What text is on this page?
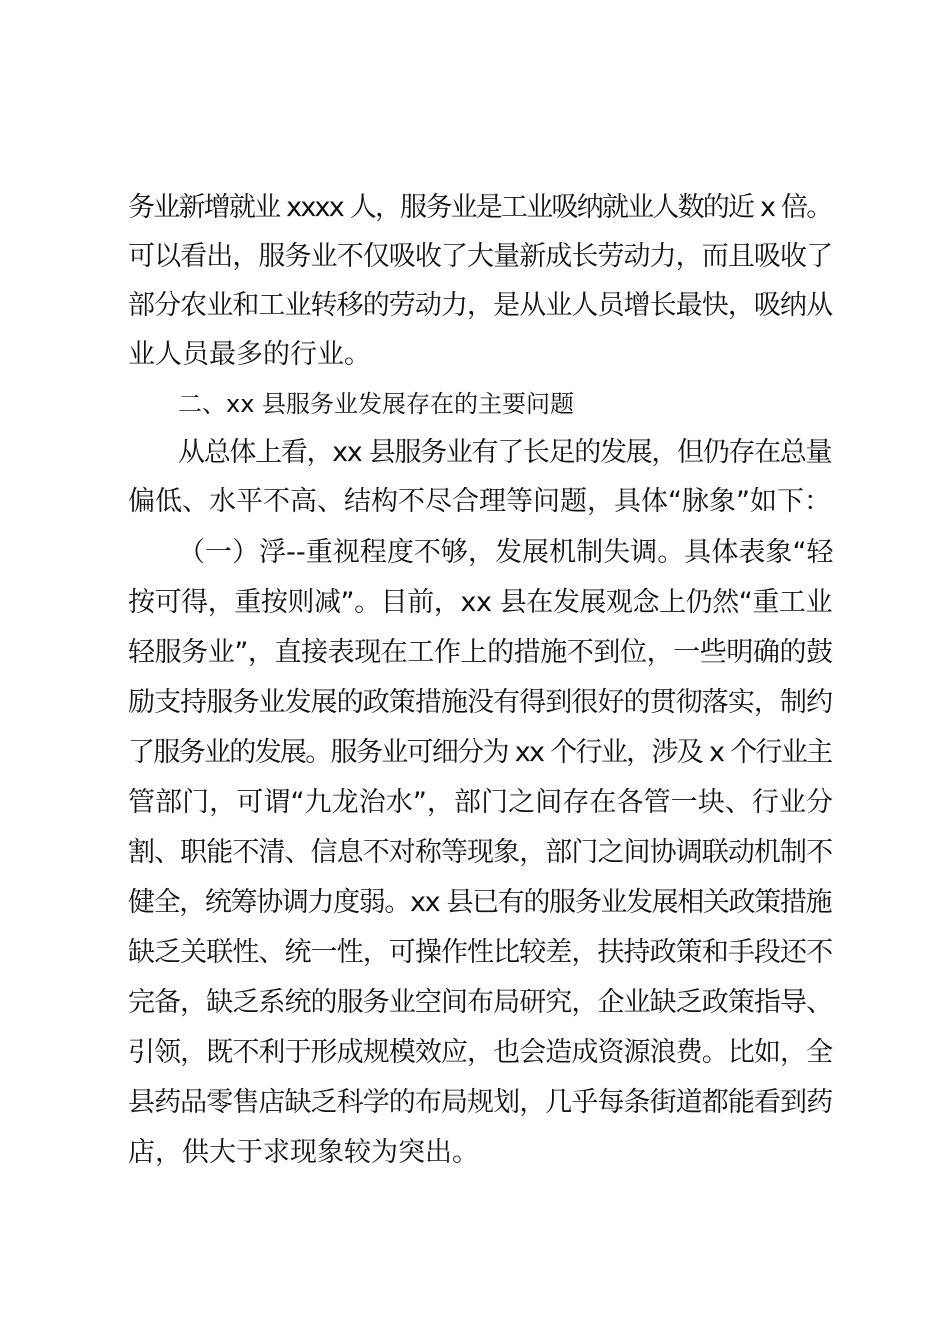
务业新增就业 xxxx 人，服务业是工业吸纳就业人数的近 x 倍。

可以看出，服务业不仅吸收了大量新成长劳动力，而且吸收了

部分农业和工业转移的劳动力，是从业人员增长最快，吸纳从

业人员最多的行业。

二、xx 县服务业发展存在的主要问题

从总体上看，xx 县服务业有了长足的发展，但仍存在总量

偏低、水平不高、结构不尽合理等问题，具体“脉象”如下：

（一）浮--重视程度不够，发展机制失调。具体表象“轻

按可得，重按则减”。目前，xx 县在发展观念上仍然“重工业

轻服务业”，直接表现在工作上的措施不到位，一些明确的鼓

励支持服务业发展的政策措施没有得到很好的贯彻落实，制约

了服务业的发展。服务业可细分为 xx 个行业，涉及 x 个行业主

管部门，可谓“九龙治水”，部门之间存在各管一块、行业分

割、职能不清、信息不对称等现象，部门之间协调联动机制不

健全，统筹协调力度弱。xx 县已有的服务业发展相关政策措施

缺乏关联性、统一性，可操作性比较差，扶持政策和手段还不

完备，缺乏系统的服务业空间布局研究，企业缺乏政策指导、

引领，既不利于形成规模效应，也会造成资源浪费。比如，全

县药品零售店缺乏科学的布局规划，几乎每条街道都能看到药

店，供大于求现象较为突出。
